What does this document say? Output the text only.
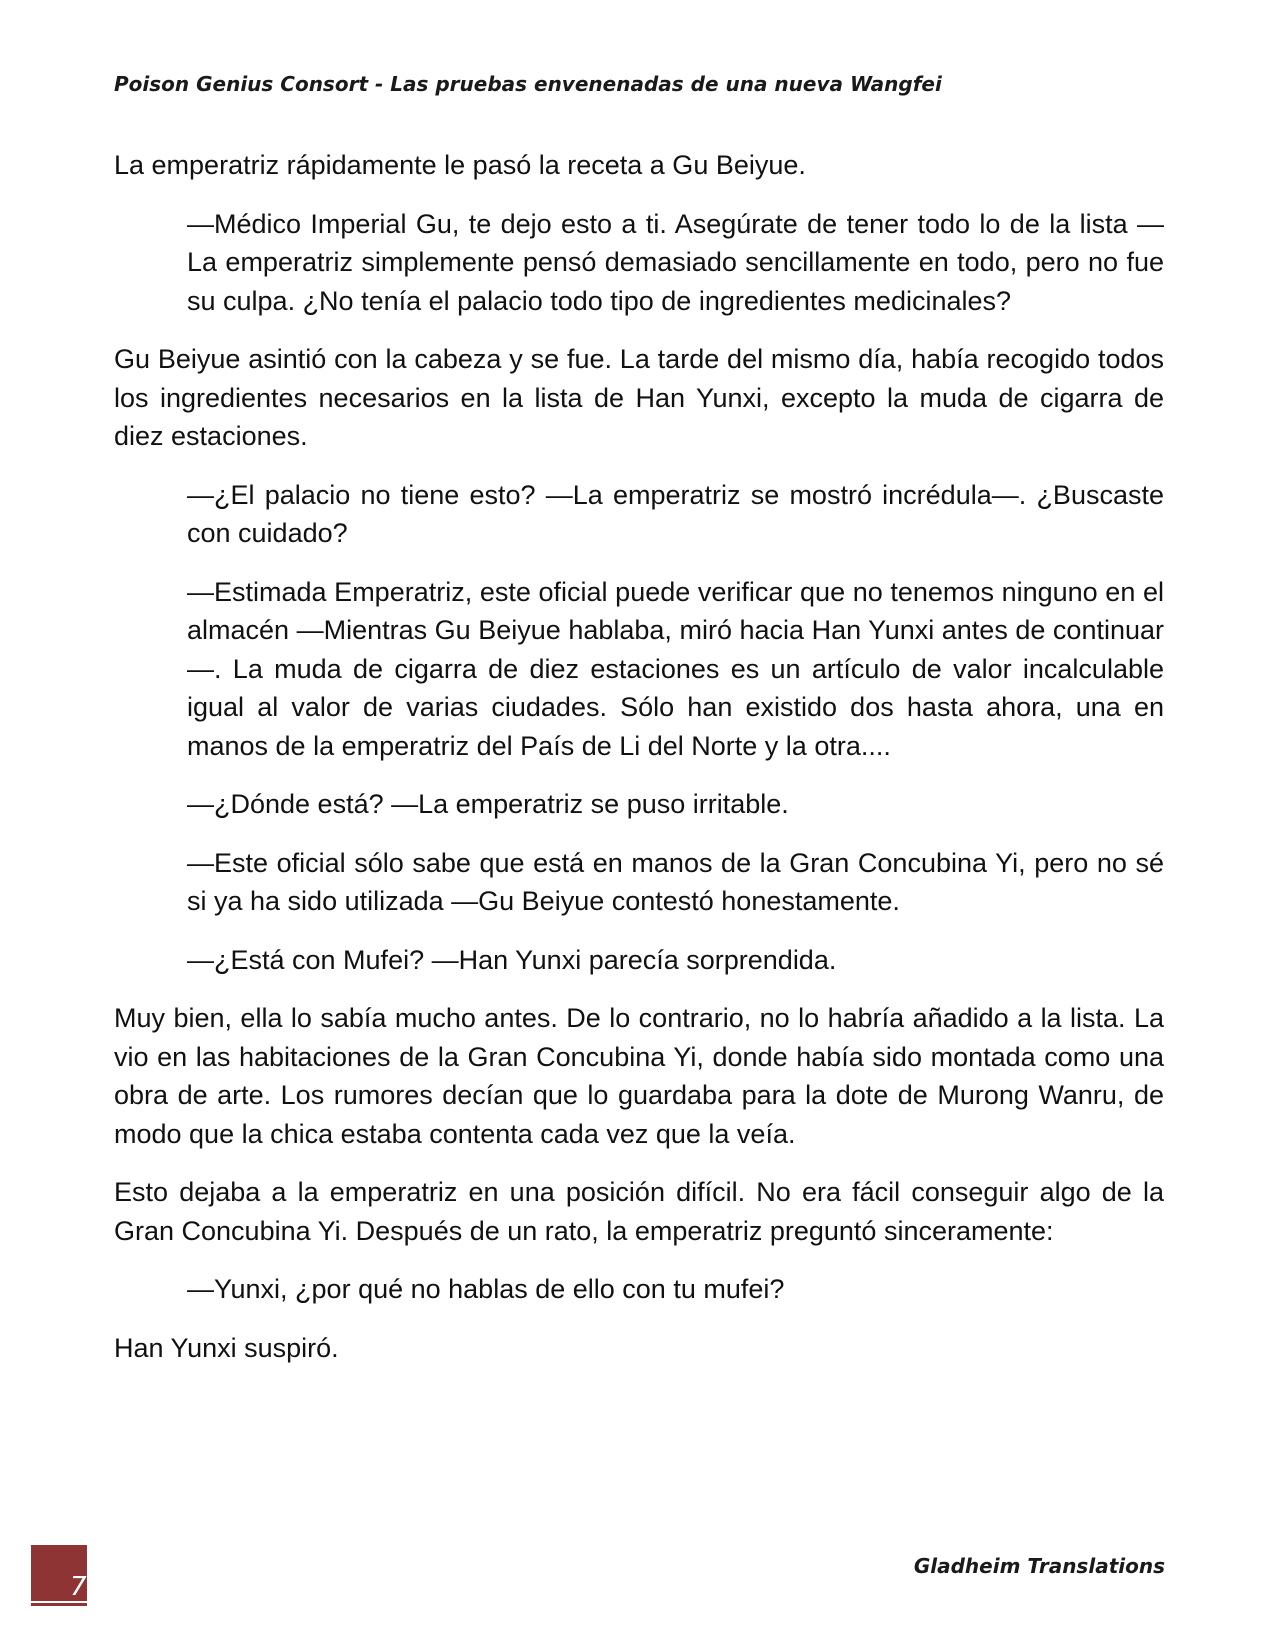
Poison Genius Consort - Las pruebas envenenadas de una nueva Wangfei

La emperatriz rápidamente le pasó la receta a Gu Beiyue.

—Médico Imperial Gu, te dejo esto a ti. Asegúrate de tener todo lo de la lista —La emperatriz simplemente pensó demasiado sencillamente en todo, pero no fue su culpa. ¿No tenía el palacio todo tipo de ingredientes medicinales?

Gu Beiyue asintió con la cabeza y se fue. La tarde del mismo día, había recogido todos los ingredientes necesarios en la lista de Han Yunxi, excepto la muda de cigarra de diez estaciones.

—¿El palacio no tiene esto? —La emperatriz se mostró incrédula—. ¿Buscaste con cuidado?

—Estimada Emperatriz, este oficial puede verificar que no tenemos ninguno en el almacén —Mientras Gu Beiyue hablaba, miró hacia Han Yunxi antes de continuar—. La muda de cigarra de diez estaciones es un artículo de valor incalculable igual al valor de varias ciudades. Sólo han existido dos hasta ahora, una en manos de la emperatriz del País de Li del Norte y la otra....

—¿Dónde está? —La emperatriz se puso irritable.

—Este oficial sólo sabe que está en manos de la Gran Concubina Yi, pero no sé si ya ha sido utilizada —Gu Beiyue contestó honestamente.

—¿Está con Mufei? —Han Yunxi parecía sorprendida.

Muy bien, ella lo sabía mucho antes. De lo contrario, no lo habría añadido a la lista. La vio en las habitaciones de la Gran Concubina Yi, donde había sido montada como una obra de arte. Los rumores decían que lo guardaba para la dote de Murong Wanru, de modo que la chica estaba contenta cada vez que la veía.

Esto dejaba a la emperatriz en una posición difícil. No era fácil conseguir algo de la Gran Concubina Yi. Después de un rato, la emperatriz preguntó sinceramente:

—Yunxi, ¿por qué no hablas de ello con tu mufei?

Han Yunxi suspiró.

7
Gladheim Translations
